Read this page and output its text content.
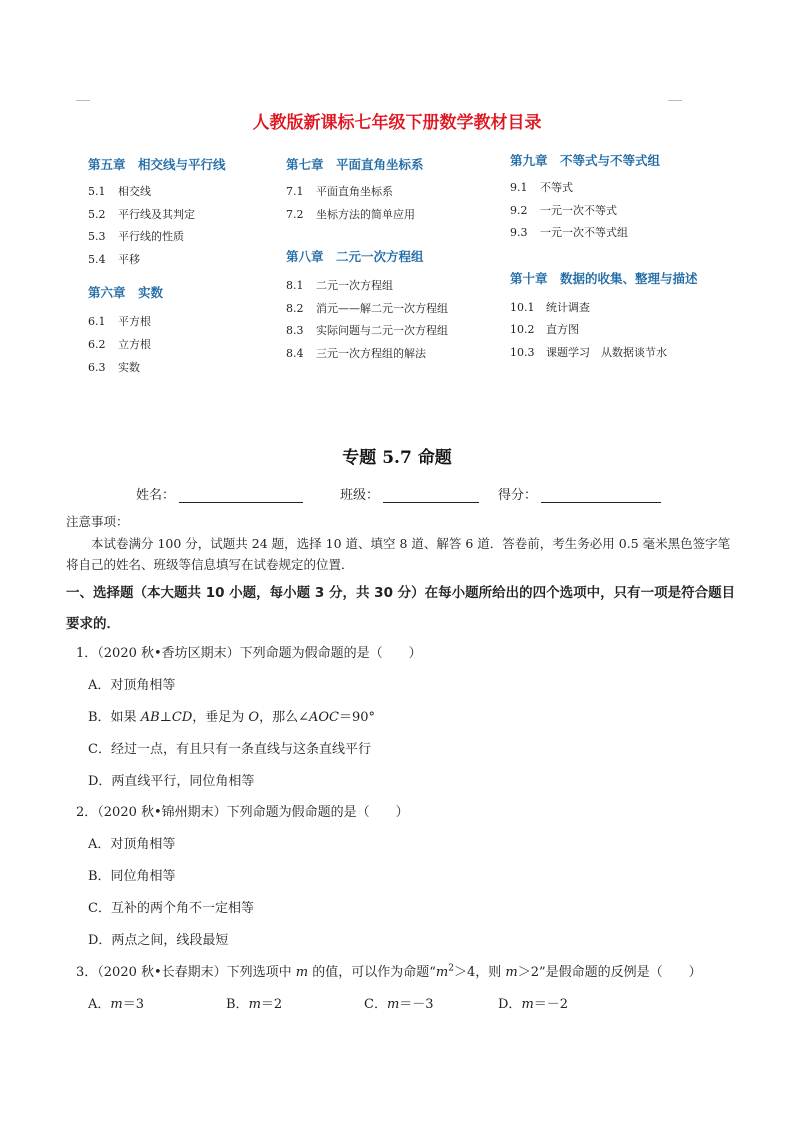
人教版新课标七年级下册数学教材目录
第五章　相交线与平行线
5.1 相交线
5.2 平行线及其判定
5.3 平行线的性质
5.4 平移
第六章　实数
6.1 平方根
6.2 立方根
6.3 实数
第七章　平面直角坐标系
7.1 平面直角坐标系
7.2 坐标方法的简单应用
第八章　二元一次方程组
8.1 二元一次方程组
8.2 消元——解二元一次方程组
8.3 实际问题与二元一次方程组
8.4 三元一次方程组的解法
第九章　不等式与不等式组
9.1 不等式
9.2 一元一次不等式
9.3 一元一次不等式组
第十章　数据的收集、整理与描述
10.1 统计调查
10.2 直方图
10.3 课题学习　从数据谈节水
专题 5.7 命题
姓名：	班级：	得分：
注意事项：
本试卷满分 100 分，试题共 24 题，选择 10 道、填空 8 道、解答 6 道．答卷前，考生务必用 0.5 毫米黑色签字笔将自己的姓名、班级等信息填写在试卷规定的位置．
一、选择题（本大题共 10 小题，每小题 3 分，共 30 分）在每小题所给出的四个选项中，只有一项是符合题目要求的．
1．（2020 秋•香坊区期末）下列命题为假命题的是（　　）
A．对顶角相等
B．如果 AB⊥CD，垂足为 O，那么∠AOC＝90°
C．经过一点，有且只有一条直线与这条直线平行
D．两直线平行，同位角相等
2．（2020 秋•锦州期末）下列命题为假命题的是（　　）
A．对顶角相等
B．同位角相等
C．互补的两个角不一定相等
D．两点之间，线段最短
3．（2020 秋•长春期末）下列选项中 m 的值，可以作为命题“$m^2>4$，则 m＞2”是假命题的反例是（　　）
A．m＝3	B．m＝2	C．m＝－3	D．m＝－2
